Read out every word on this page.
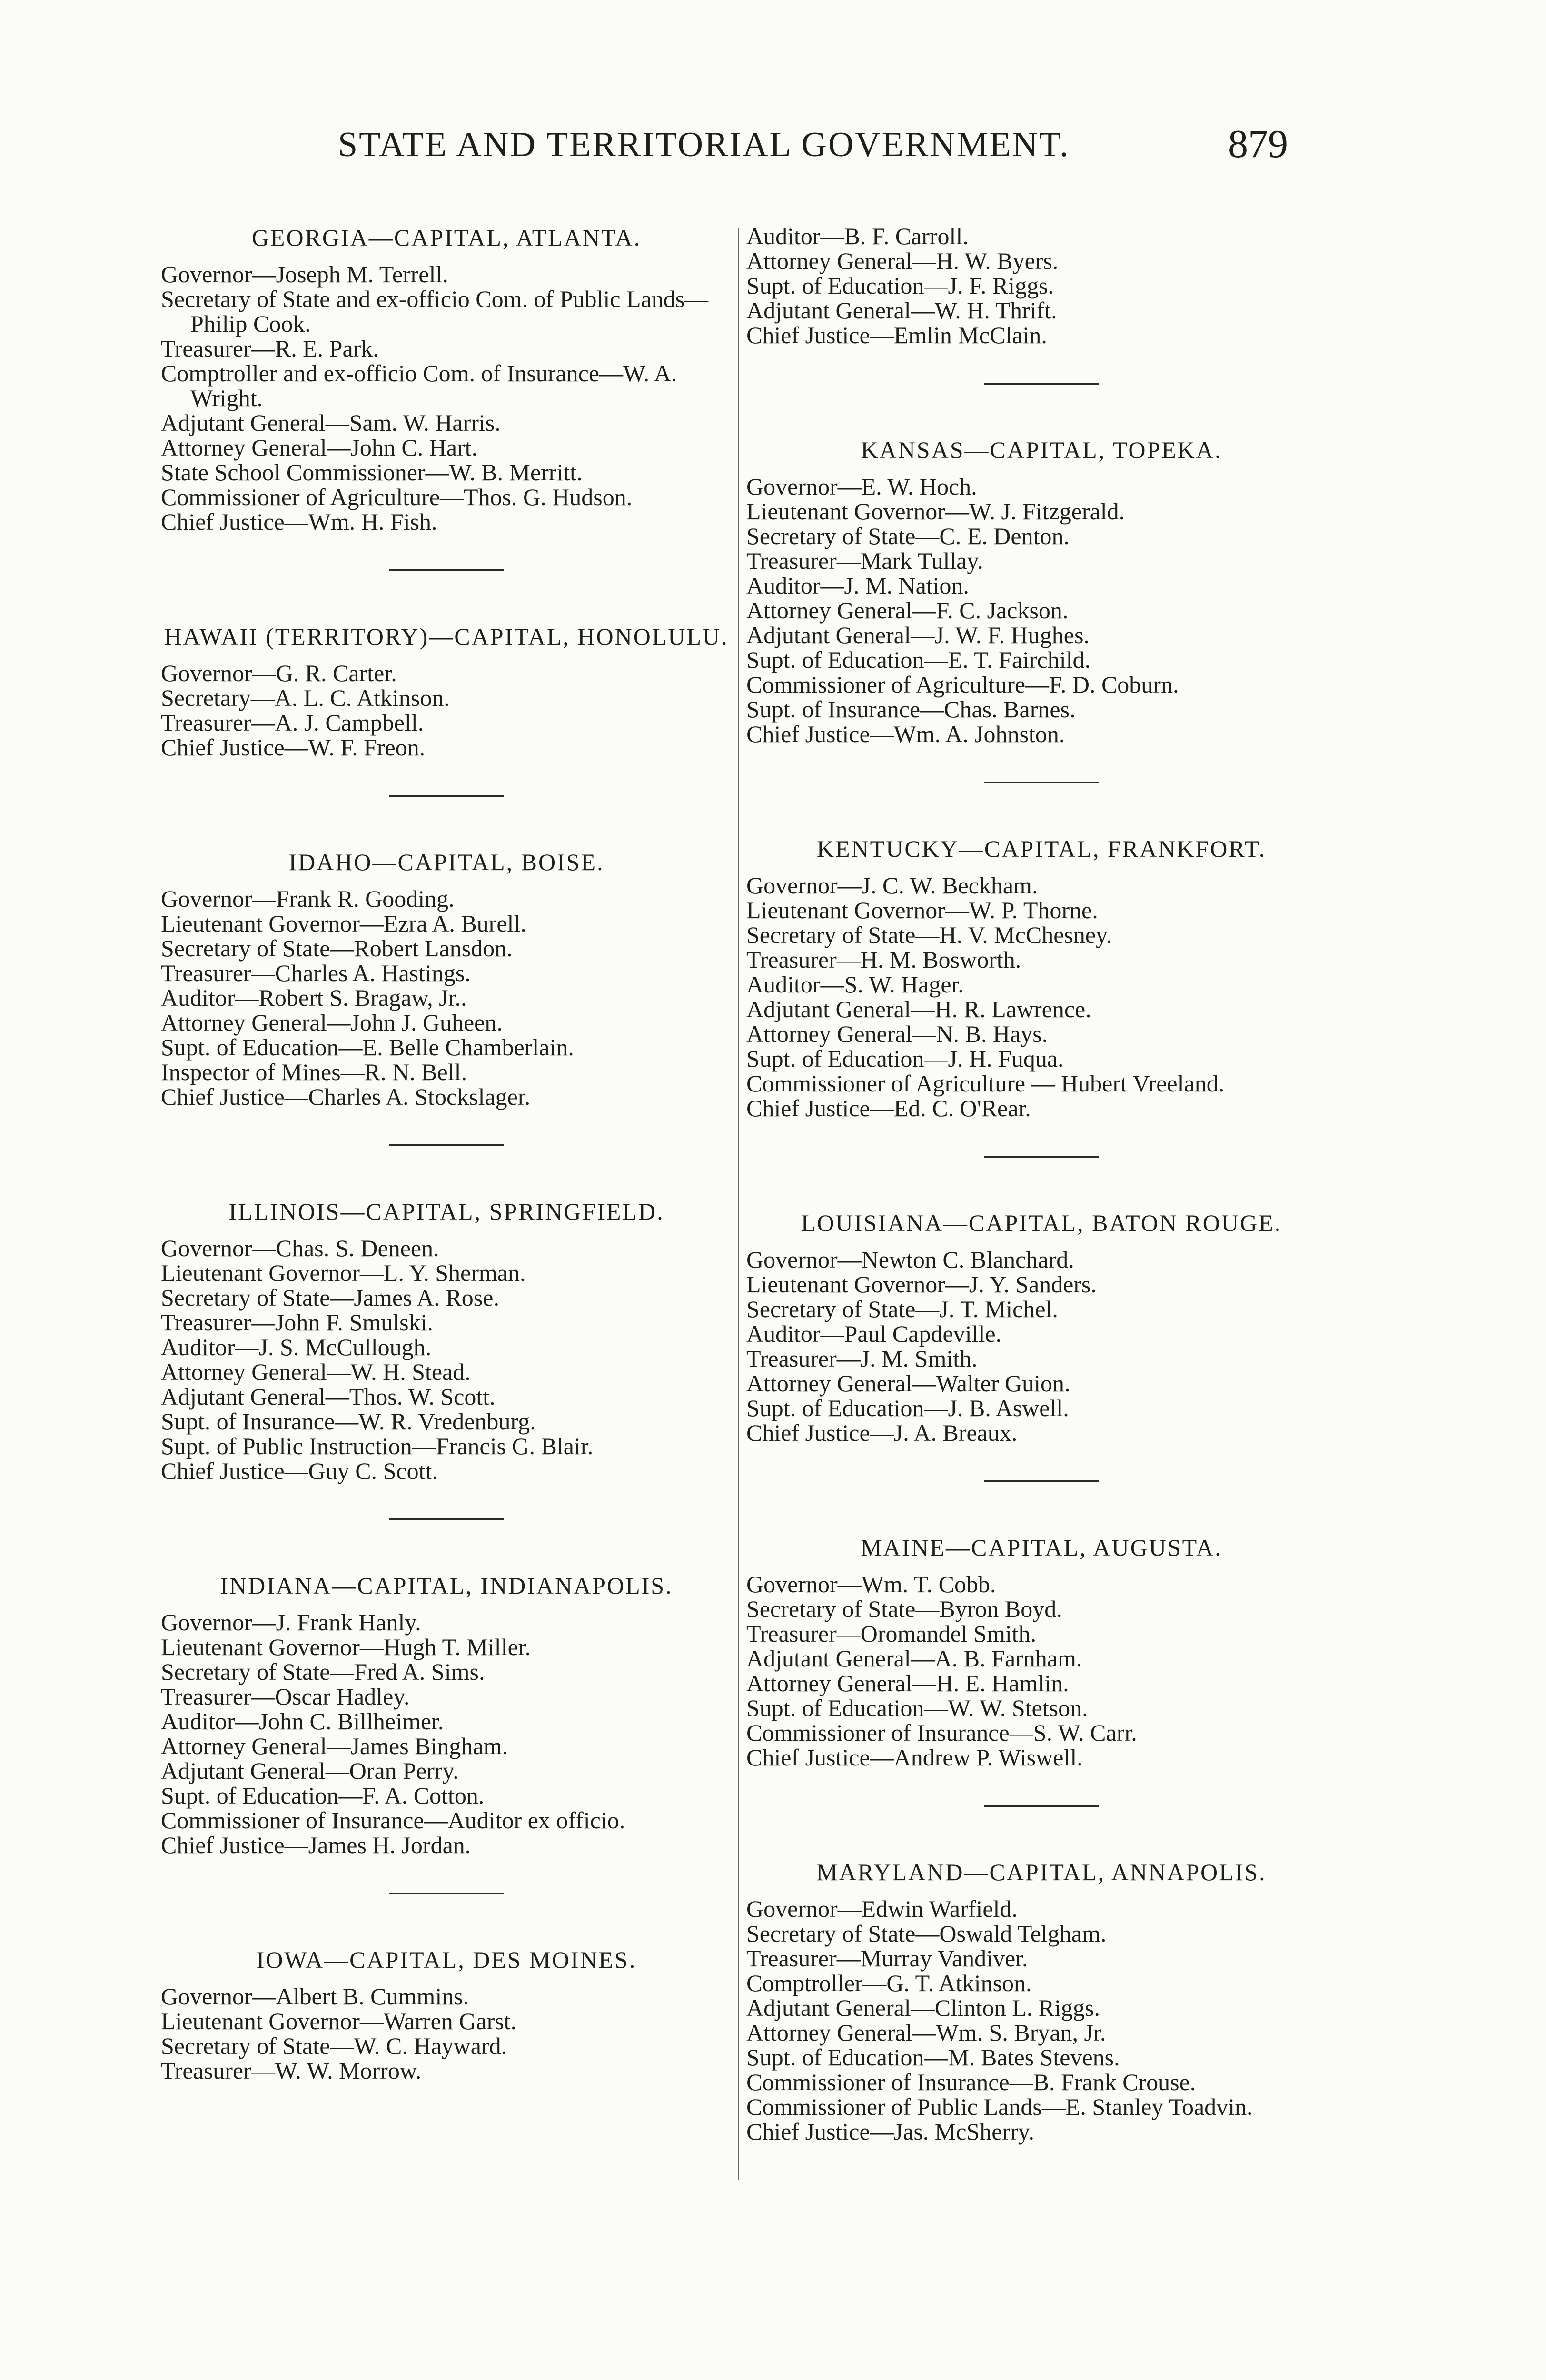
STATE AND TERRITORIAL GOVERNMENT.	879
GEORGIA—CAPITAL, ATLANTA.
Governor—Joseph M. Terrell.
Secretary of State and ex-officio Com. of Public Lands—Philip Cook.
Treasurer—R. E. Park.
Comptroller and ex-officio Com. of Insurance—W. A. Wright.
Adjutant General—Sam. W. Harris.
Attorney General—John C. Hart.
State School Commissioner—W. B. Merritt.
Commissioner of Agriculture—Thos. G. Hudson.
Chief Justice—Wm. H. Fish.
HAWAII (TERRITORY)—CAPITAL, HONOLULU.
Governor—G. R. Carter.
Secretary—A. L. C. Atkinson.
Treasurer—A. J. Campbell.
Chief Justice—W. F. Freon.
IDAHO—CAPITAL, BOISE.
Governor—Frank R. Gooding.
Lieutenant Governor—Ezra A. Burell.
Secretary of State—Robert Lansdon.
Treasurer—Charles A. Hastings.
Auditor—Robert S. Bragaw, Jr..
Attorney General—John J. Guheen.
Supt. of Education—E. Belle Chamberlain.
Inspector of Mines—R. N. Bell.
Chief Justice—Charles A. Stockslager.
ILLINOIS—CAPITAL, SPRINGFIELD.
Governor—Chas. S. Deneen.
Lieutenant Governor—L. Y. Sherman.
Secretary of State—James A. Rose.
Treasurer—John F. Smulski.
Auditor—J. S. McCullough.
Attorney General—W. H. Stead.
Adjutant General—Thos. W. Scott.
Supt. of Insurance—W. R. Vredenburg.
Supt. of Public Instruction—Francis G. Blair.
Chief Justice—Guy C. Scott.
INDIANA—CAPITAL, INDIANAPOLIS.
Governor—J. Frank Hanly.
Lieutenant Governor—Hugh T. Miller.
Secretary of State—Fred A. Sims.
Treasurer—Oscar Hadley.
Auditor—John C. Billheimer.
Attorney General—James Bingham.
Adjutant General—Oran Perry.
Supt. of Education—F. A. Cotton.
Commissioner of Insurance—Auditor ex officio.
Chief Justice—James H. Jordan.
IOWA—CAPITAL, DES MOINES.
Governor—Albert B. Cummins.
Lieutenant Governor—Warren Garst.
Secretary of State—W. C. Hayward.
Treasurer—W. W. Morrow.
Auditor—B. F. Carroll.
Attorney General—H. W. Byers.
Supt. of Education—J. F. Riggs.
Adjutant General—W. H. Thrift.
Chief Justice—Emlin McClain.
KANSAS—CAPITAL, TOPEKA.
Governor—E. W. Hoch.
Lieutenant Governor—W. J. Fitzgerald.
Secretary of State—C. E. Denton.
Treasurer—Mark Tullay.
Auditor—J. M. Nation.
Attorney General—F. C. Jackson.
Adjutant General—J. W. F. Hughes.
Supt. of Education—E. T. Fairchild.
Commissioner of Agriculture—F. D. Coburn.
Supt. of Insurance—Chas. Barnes.
Chief Justice—Wm. A. Johnston.
KENTUCKY—CAPITAL, FRANKFORT.
Governor—J. C. W. Beckham.
Lieutenant Governor—W. P. Thorne.
Secretary of State—H. V. McChesney.
Treasurer—H. M. Bosworth.
Auditor—S. W. Hager.
Adjutant General—H. R. Lawrence.
Attorney General—N. B. Hays.
Supt. of Education—J. H. Fuqua.
Commissioner of Agriculture — Hubert Vreeland.
Chief Justice—Ed. C. O'Rear.
LOUISIANA—CAPITAL, BATON ROUGE.
Governor—Newton C. Blanchard.
Lieutenant Governor—J. Y. Sanders.
Secretary of State—J. T. Michel.
Auditor—Paul Capdeville.
Treasurer—J. M. Smith.
Attorney General—Walter Guion.
Supt. of Education—J. B. Aswell.
Chief Justice—J. A. Breaux.
MAINE—CAPITAL, AUGUSTA.
Governor—Wm. T. Cobb.
Secretary of State—Byron Boyd.
Treasurer—Oromandel Smith.
Adjutant General—A. B. Farnham.
Attorney General—H. E. Hamlin.
Supt. of Education—W. W. Stetson.
Commissioner of Insurance—S. W. Carr.
Chief Justice—Andrew P. Wiswell.
MARYLAND—CAPITAL, ANNAPOLIS.
Governor—Edwin Warfield.
Secretary of State—Oswald Telgham.
Treasurer—Murray Vandiver.
Comptroller—G. T. Atkinson.
Adjutant General—Clinton L. Riggs.
Attorney General—Wm. S. Bryan, Jr.
Supt. of Education—M. Bates Stevens.
Commissioner of Insurance—B. Frank Crouse.
Commissioner of Public Lands—E. Stanley Toadvin.
Chief Justice—Jas. McSherry.
